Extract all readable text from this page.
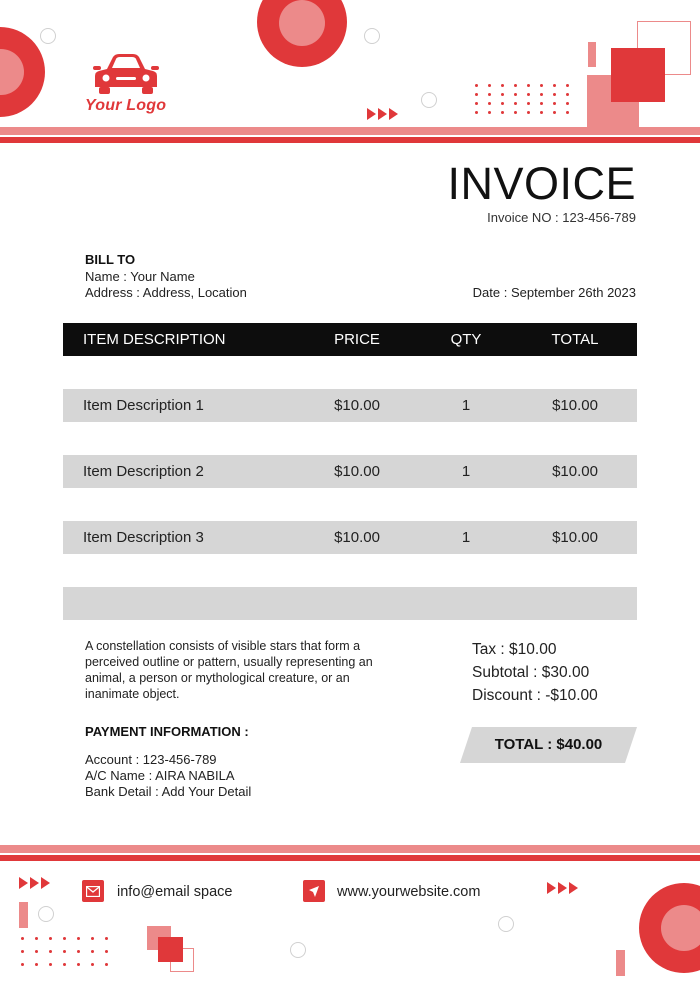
Your Logo
INVOICE
Invoice NO : 123-456-789
BILL TO
Name : Your Name
Address : Address, Location	Date : September 26th 2023
ITEM DESCRIPTION	PRICE	QTY	TOTAL
Item Description 1	$10.00	1	$10.00
Item Description 2	$10.00	1	$10.00
Item Description 3	$10.00	1	$10.00
A constellation consists of visible stars that form a perceived outline or pattern, usually representing an animal, a person or mythological creature, or an inanimate object.
PAYMENT INFORMATION :
Account : 123-456-789
A/C Name : AIRA NABILA
Bank Detail : Add Your Detail
Tax : $10.00
Subtotal : $30.00
Discount : -$10.00
TOTAL : $40.00
info@email space	www.yourwebsite.com
